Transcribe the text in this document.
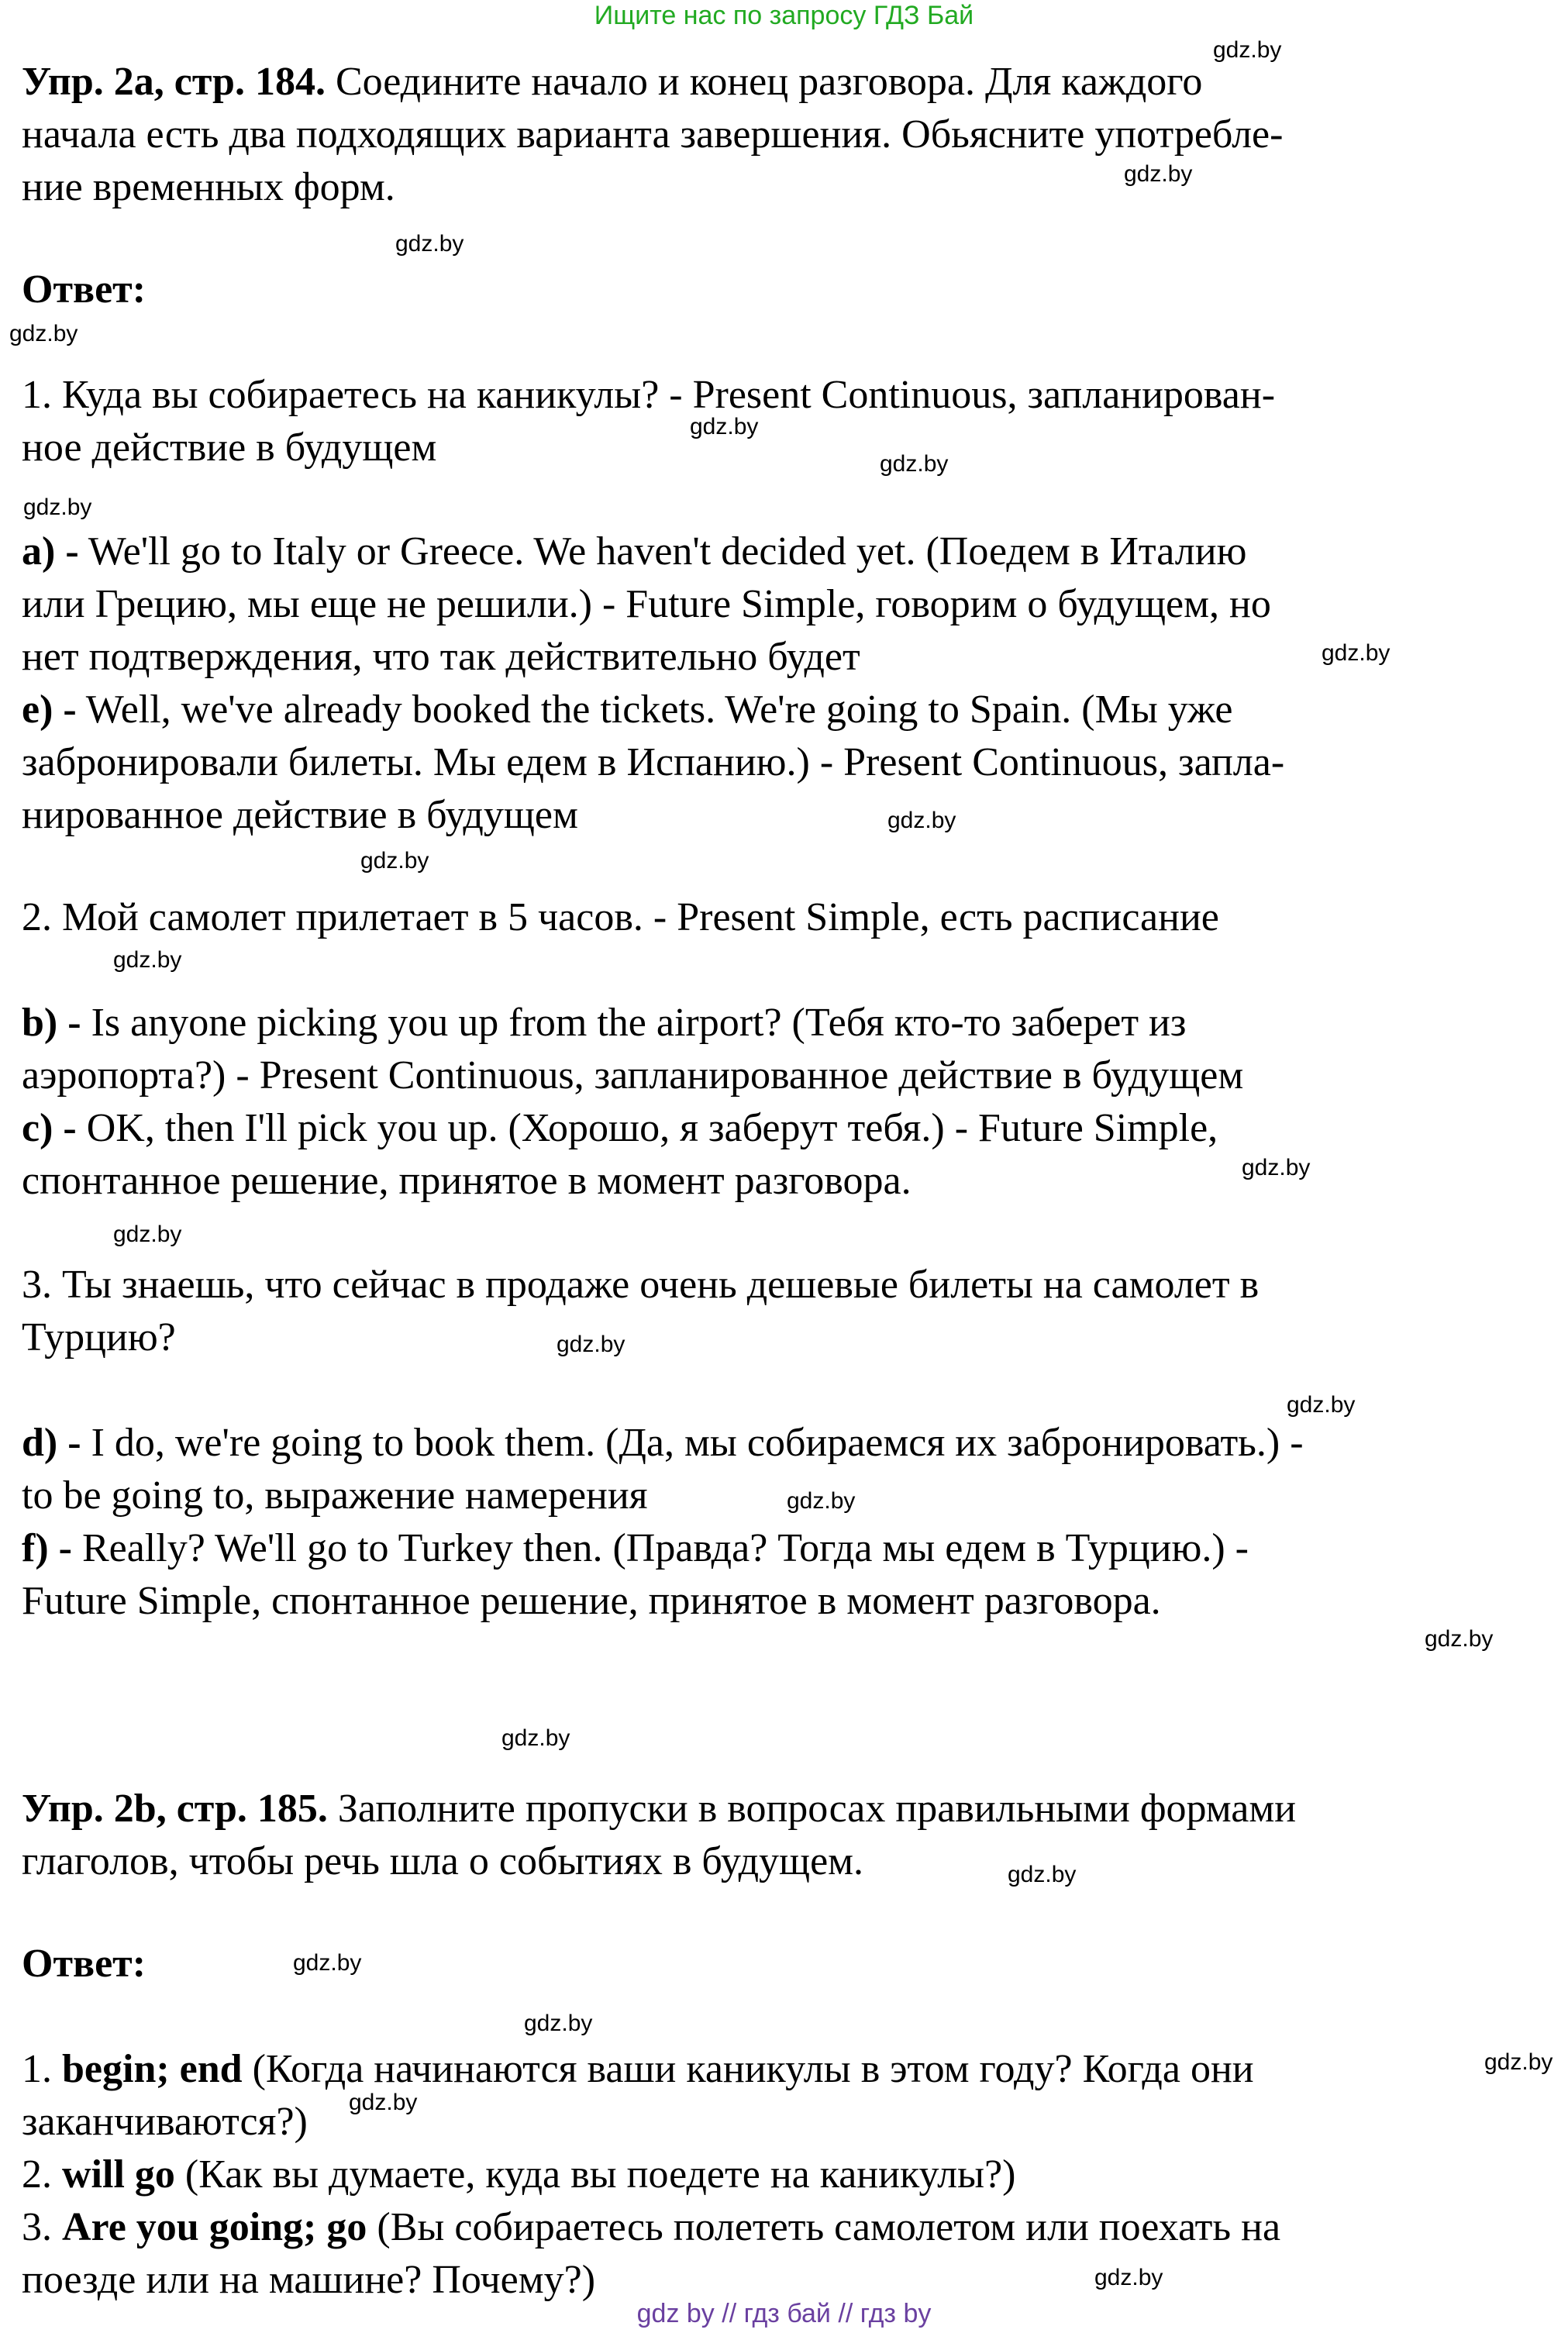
Ищите нас по запросу ГДЗ Бай
Упр. 2a, стр. 184. Соедините начало и конец разговора. Для каждого
начала есть два подходящих варианта завершения. Обьясните употребле-
ние временных форм.
Ответ:
1. Куда вы собираетесь на каникулы? - Present Continuous, запланирован-
ное действие в будущем
a) - We'll go to Italy or Greece. We haven't decided yet. (Поедем в Италию
или Грецию, мы еще не решили.) - Future Simple, говорим о будущем, но
нет подтверждения, что так действительно будет
e) - Well, we've already booked the tickets. We're going to Spain. (Мы уже
забронировали билеты. Мы едем в Испанию.) - Present Continuous, запла-
нированное действие в будущем
2. Мой самолет прилетает в 5 часов. - Present Simple, есть расписание
b) - Is anyone picking you up from the airport? (Тебя кто-то заберет из
аэропорта?) - Present Continuous, запланированное действие в будущем
c) - OK, then I'll pick you up. (Хорошо, я заберут тебя.) - Future Simple,
спонтанное решение, принятое в момент разговора.
3. Ты знаешь, что сейчас в продаже очень дешевые билеты на самолет в
Турцию?
d) - I do, we're going to book them. (Да, мы собираемся их забронировать.) -
to be going to, выражение намерения
f) - Really? We'll go to Turkey then. (Правда? Тогда мы едем в Турцию.) -
Future Simple, спонтанное решение, принятое в момент разговора.
Упр. 2b, стр. 185. Заполните пропуски в вопросах правильными формами
глаголов, чтобы речь шла о событиях в будущем.
Ответ:
1. begin; end (Когда начинаются ваши каникулы в этом году? Когда они
заканчиваются?)
2. will go (Как вы думаете, куда вы поедете на каникулы?)
3. Are you going; go (Вы собираетесь полететь самолетом или поехать на
поезде или на машине? Почему?)
gdz.by
gdz.by
gdz.by
gdz.by
gdz.by
gdz.by
gdz.by
gdz.by
gdz.by
gdz.by
gdz.by
gdz.by
gdz.by
gdz.by
gdz.by
gdz.by
gdz.by
gdz.by
gdz.by
gdz.by
gdz.by
gdz.by
gdz.by
gdz.by
gdz by // гдз бай // гдз by
